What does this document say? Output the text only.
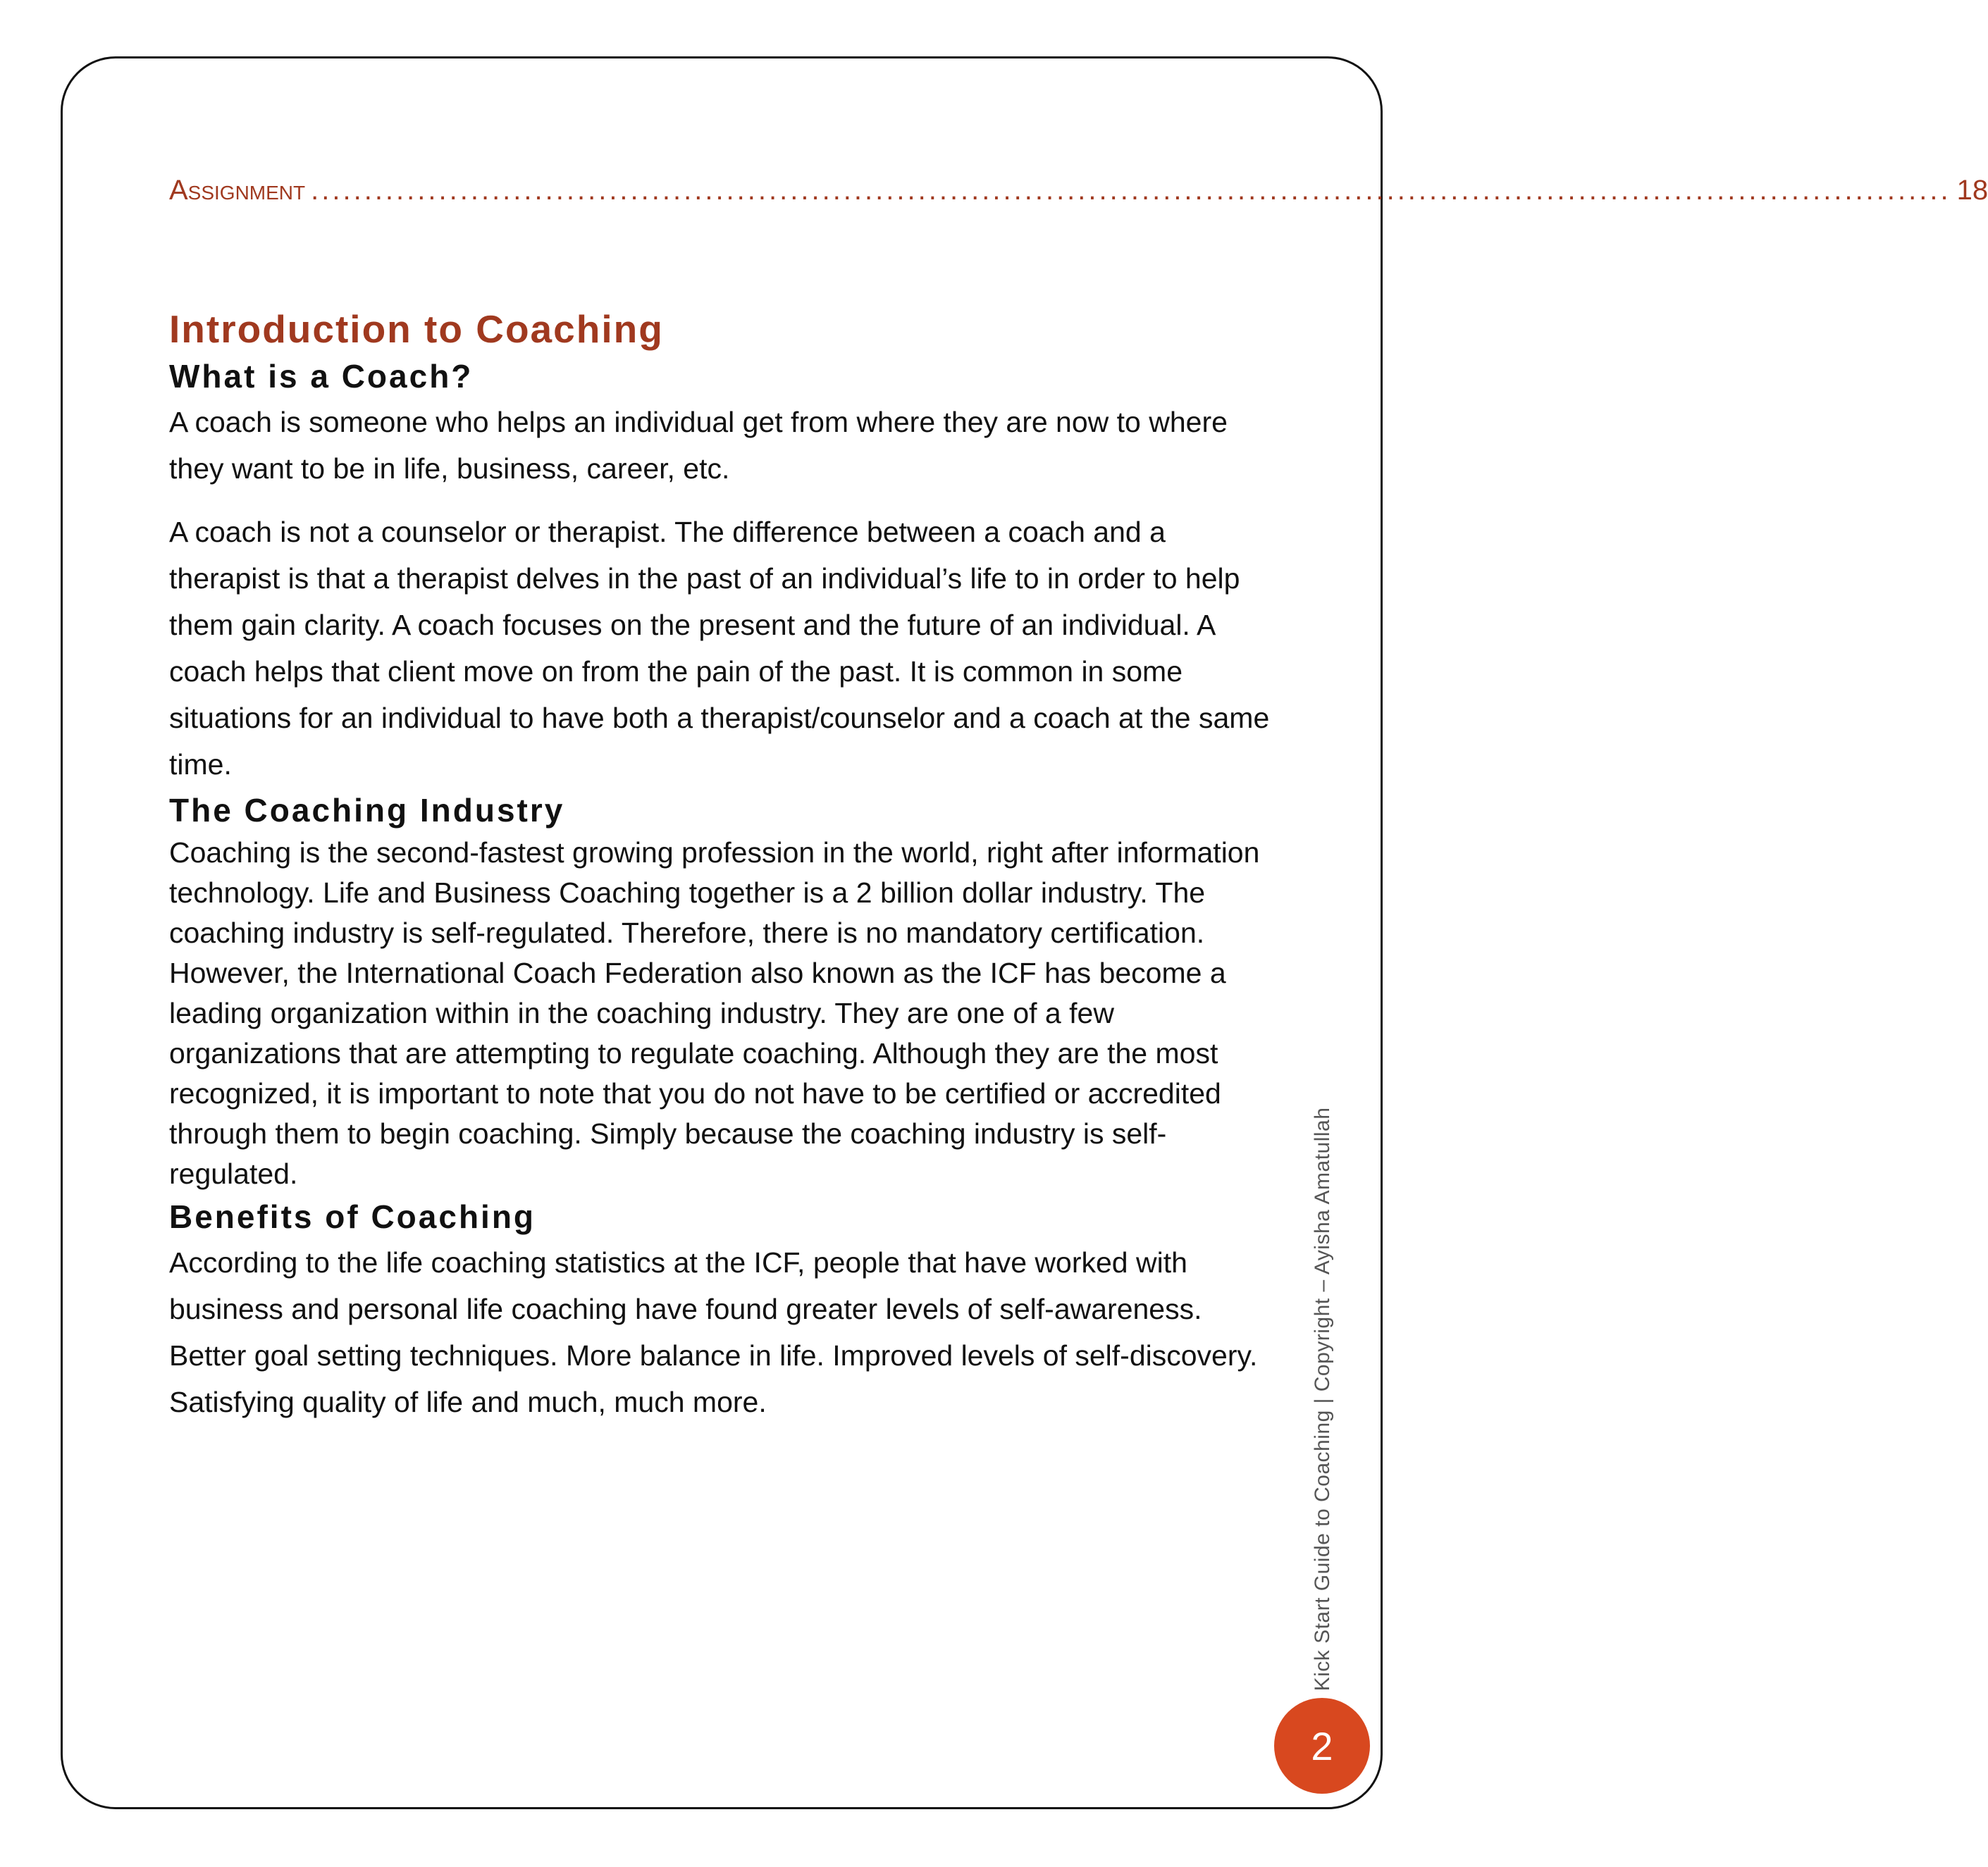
Assignment .......................................................................................................................................................... 18
Introduction to Coaching
What is a Coach?

A coach is someone who helps an individual get from where they are now to where they want to be in life, business, career, etc.

A coach is not a counselor or therapist. The difference between a coach and a therapist is that a therapist delves in the past of an individual’s life to in order to help them gain clarity. A coach focuses on the present and the future of an individual. A coach helps that client move on from the pain of the past. It is common in some situations for an individual to have both a therapist/counselor and a coach at the same time.

The Coaching Industry

Coaching is the second-fastest growing profession in the world, right after information technology. Life and Business Coaching together is a 2 billion dollar industry. The coaching industry is self-regulated. Therefore, there is no mandatory certification. However, the International Coach Federation also known as the ICF has become a leading organization within in the coaching industry. They are one of a few organizations that are attempting to regulate coaching. Although they are the most recognized, it is important to note that you do not have to be certified or accredited through them to begin coaching. Simply because the coaching industry is self-regulated.

Benefits of Coaching

According to the life coaching statistics at the ICF, people that have worked with business and personal life coaching have found greater levels of self-awareness. Better goal setting techniques. More balance in life. Improved levels of self-discovery. Satisfying quality of life and much, much more.	Kick Start Guide to Coaching | Copyright – Ayisha Amatullah
2
